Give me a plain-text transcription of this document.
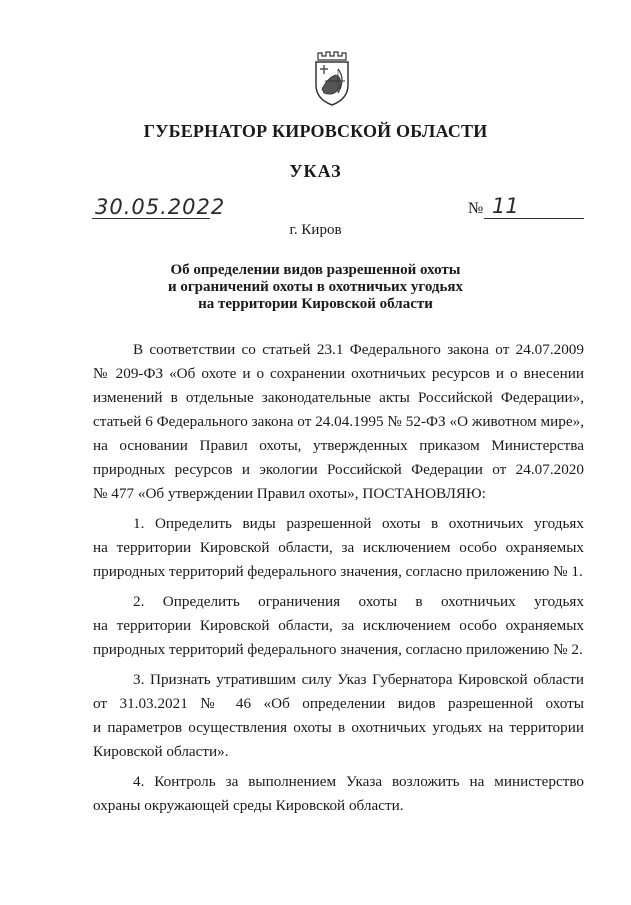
ГУБЕРНАТОР КИРОВСКОЙ ОБЛАСТИ
УКАЗ
30.05.2022	№ 11
г. Киров
Об определении видов разрешенной охоты
и ограничений охоты в охотничьих угодьях
на территории Кировской области
В соответствии со статьей 23.1 Федерального закона от 24.07.2009
№ 209-ФЗ «Об охоте и о сохранении охотничьих ресурсов и о внесении
изменений в отдельные законодательные акты Российской Федерации»,
статьей 6 Федерального закона от 24.04.1995 № 52-ФЗ «О животном мире»,
на основании Правил охоты, утвержденных приказом Министерства
природных ресурсов и экологии Российской Федерации от 24.07.2020
№ 477 «Об утверждении Правил охоты», ПОСТАНОВЛЯЮ:
1. Определить виды разрешенной охоты в охотничьих угодьях
на территории Кировской области, за исключением особо охраняемых
природных территорий федерального значения, согласно приложению № 1.
2. Определить ограничения охоты в охотничьих угодьях
на территории Кировской области, за исключением особо охраняемых
природных территорий федерального значения, согласно приложению № 2.
3. Признать утратившим силу Указ Губернатора Кировской области
от 31.03.2021 № 46 «Об определении видов разрешенной охоты
и параметров осуществления охоты в охотничьих угодьях на территории
Кировской области».
4. Контроль за выполнением Указа возложить на министерство
охраны окружающей среды Кировской области.
